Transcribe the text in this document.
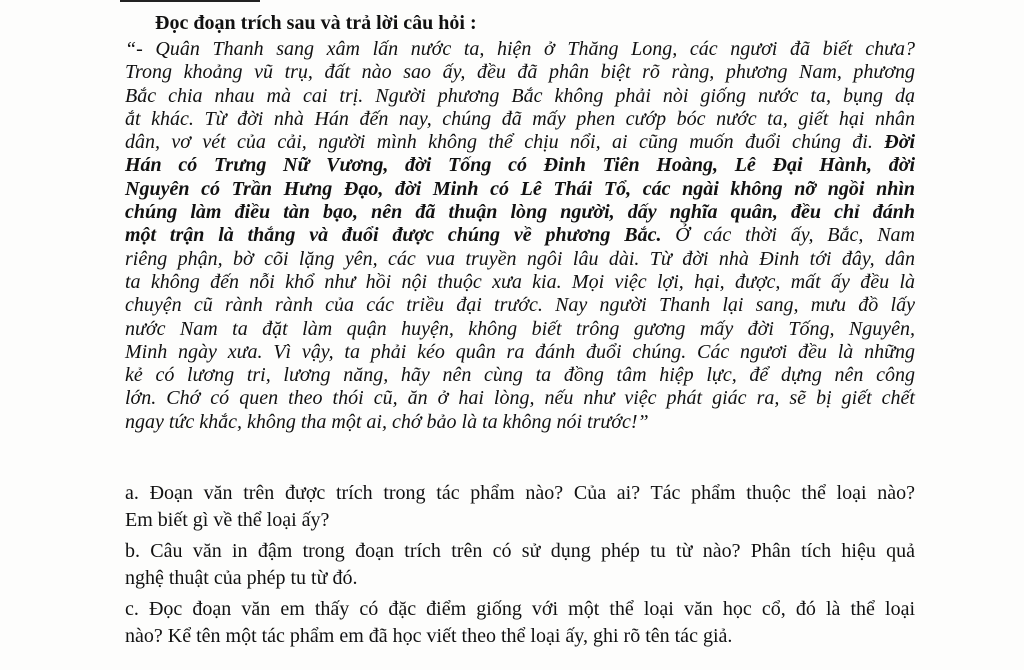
Đọc đoạn trích sau và trả lời câu hỏi :
“- Quân Thanh sang xâm lấn nước ta, hiện ở Thăng Long, các ngươi đã biết chưa?
Trong khoảng vũ trụ, đất nào sao ấy, đều đã phân biệt rõ ràng, phương Nam, phương
Bắc chia nhau mà cai trị. Người phương Bắc không phải nòi giống nước ta, bụng dạ
ắt khác. Từ đời nhà Hán đến nay, chúng đã mấy phen cướp bóc nước ta, giết hại nhân
dân, vơ vét của cải, người mình không thể chịu nổi, ai cũng muốn đuổi chúng đi. Đời
Hán có Trưng Nữ Vương, đời Tống có Đinh Tiên Hoàng, Lê Đại Hành, đời
Nguyên có Trần Hưng Đạo, đời Minh có Lê Thái Tổ, các ngài không nỡ ngồi nhìn
chúng làm điều tàn bạo, nên đã thuận lòng người, dấy nghĩa quân, đều chỉ đánh
một trận là thắng và đuổi được chúng về phương Bắc. Ở các thời ấy, Bắc, Nam
riêng phận, bờ cõi lặng yên, các vua truyền ngôi lâu dài. Từ đời nhà Đinh tới đây, dân
ta không đến nỗi khổ như hồi nội thuộc xưa kia. Mọi việc lợi, hại, được, mất ấy đều là
chuyện cũ rành rành của các triều đại trước. Nay người Thanh lại sang, mưu đồ lấy
nước Nam ta đặt làm quận huyện, không biết trông gương mấy đời Tống, Nguyên,
Minh ngày xưa. Vì vậy, ta phải kéo quân ra đánh đuổi chúng. Các ngươi đều là những
kẻ có lương tri, lương năng, hãy nên cùng ta đồng tâm hiệp lực, để dựng nên công
lớn. Chớ có quen theo thói cũ, ăn ở hai lòng, nếu như việc phát giác ra, sẽ bị giết chết
ngay tức khắc, không tha một ai, chớ bảo là ta không nói trước!”
a. Đoạn văn trên được trích trong tác phẩm nào? Của ai? Tác phẩm thuộc thể loại nào?
Em biết gì về thể loại ấy?
b. Câu văn in đậm trong đoạn trích trên có sử dụng phép tu từ nào? Phân tích hiệu quả
nghệ thuật của phép tu từ đó.
c. Đọc đoạn văn em thấy có đặc điểm giống với một thể loại văn học cổ, đó là thể loại
nào? Kể tên một tác phẩm em đã học viết theo thể loại ấy, ghi rõ tên tác giả.
